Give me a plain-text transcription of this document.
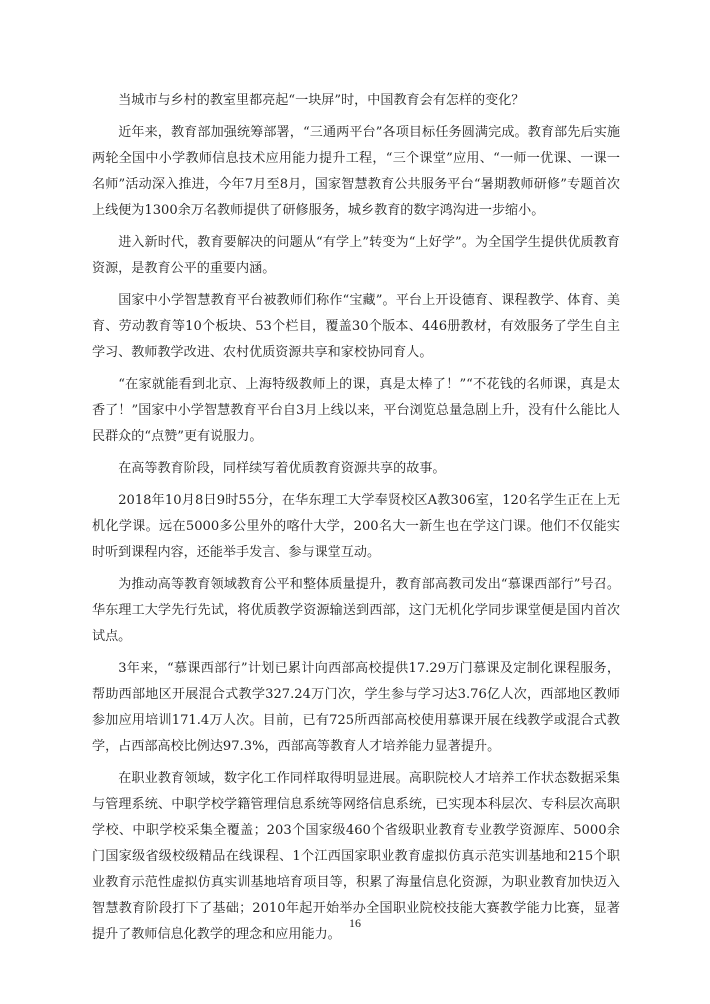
当城市与乡村的教室里都亮起“一块屏”时，中国教育会有怎样的变化？

近年来，教育部加强统筹部署，“三通两平台”各项目标任务圆满完成。教育部先后实施两轮全国中小学教师信息技术应用能力提升工程，“三个课堂”应用、“一师一优课、一课一名师”活动深入推进，今年7月至8月，国家智慧教育公共服务平台“暑期教师研修”专题首次上线便为1300余万名教师提供了研修服务，城乡教育的数字鸿沟进一步缩小。

进入新时代，教育要解决的问题从“有学上”转变为“上好学”。为全国学生提供优质教育资源，是教育公平的重要内涵。

国家中小学智慧教育平台被教师们称作“宝藏”。平台上开设德育、课程教学、体育、美育、劳动教育等10个板块、53个栏目，覆盖30个版本、446册教材，有效服务了学生自主学习、教师教学改进、农村优质资源共享和家校协同育人。

“在家就能看到北京、上海特级教师上的课，真是太棒了！”“不花钱的名师课，真是太香了！”国家中小学智慧教育平台自3月上线以来，平台浏览总量急剧上升，没有什么能比人民群众的“点赞”更有说服力。

在高等教育阶段，同样续写着优质教育资源共享的故事。

2018年10月8日9时55分，在华东理工大学奉贤校区A教306室，120名学生正在上无机化学课。远在5000多公里外的喀什大学，200名大一新生也在学这门课。他们不仅能实时听到课程内容，还能举手发言、参与课堂互动。

为推动高等教育领域教育公平和整体质量提升，教育部高教司发出“慕课西部行”号召。华东理工大学先行先试，将优质教学资源输送到西部，这门无机化学同步课堂便是国内首次试点。

3年来，“慕课西部行”计划已累计向西部高校提供17.29万门慕课及定制化课程服务，帮助西部地区开展混合式教学327.24万门次，学生参与学习达3.76亿人次，西部地区教师参加应用培训171.4万人次。目前，已有725所西部高校使用慕课开展在线教学或混合式教学，占西部高校比例达97.3%，西部高等教育人才培养能力显著提升。

在职业教育领域，数字化工作同样取得明显进展。高职院校人才培养工作状态数据采集与管理系统、中职学校学籍管理信息系统等网络信息系统，已实现本科层次、专科层次高职学校、中职学校采集全覆盖；203个国家级460个省级职业教育专业教学资源库、5000余门国家级省级校级精品在线课程、1个江西国家职业教育虚拟仿真示范实训基地和215个职业教育示范性虚拟仿真实训基地培育项目等，积累了海量信息化资源，为职业教育加快迈入智慧教育阶段打下了基础；2010年起开始举办全国职业院校技能大赛教学能力比赛，显著提升了教师信息化教学的理念和应用能力。

16
